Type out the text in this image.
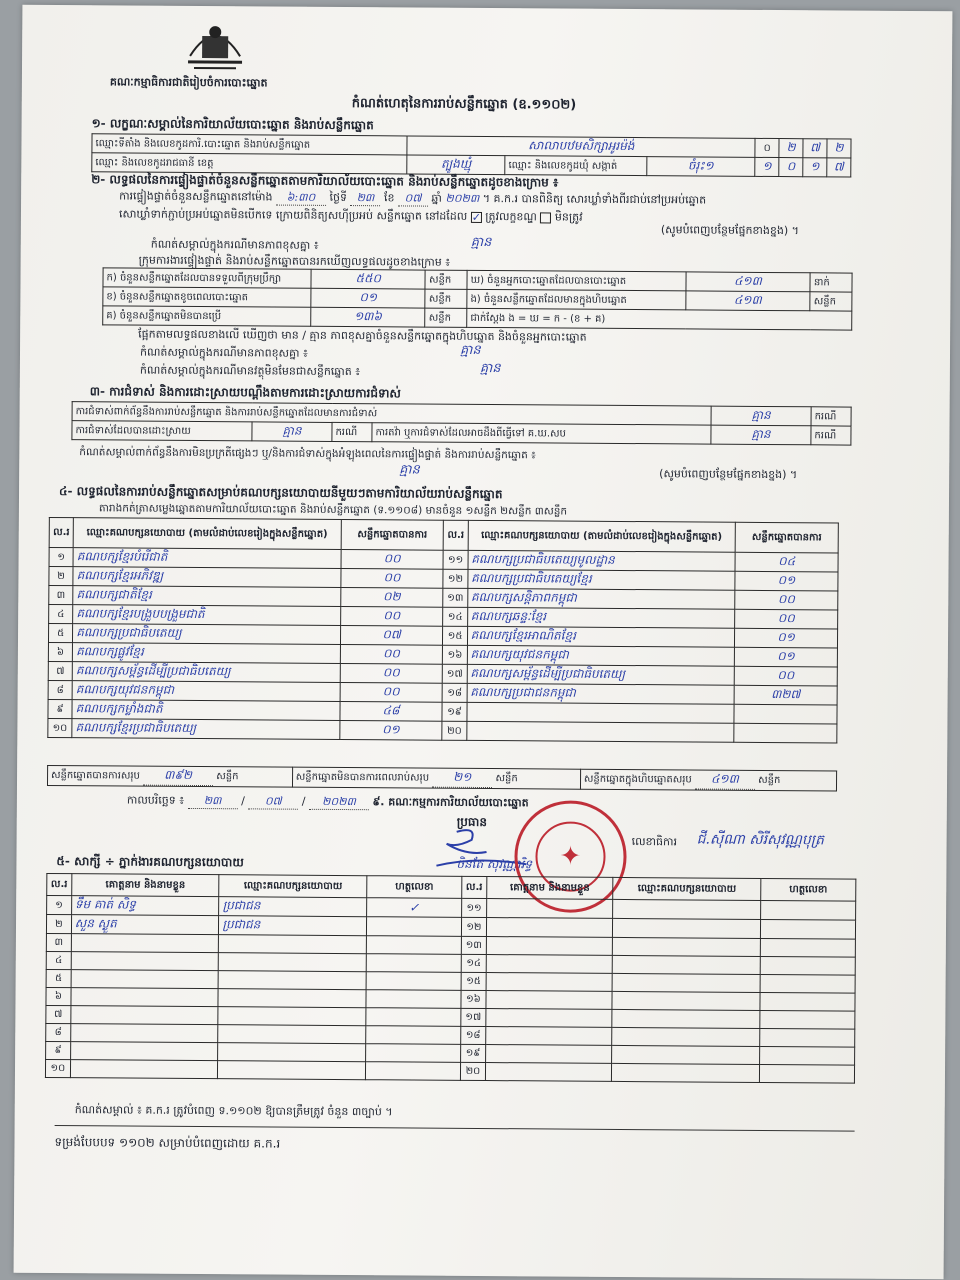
គណៈកម្មាធិការជាតិរៀបចំការបោះឆ្នោត
កំណត់ហេតុនៃការរាប់សន្លឹកឆ្នោត (ឧ.១១០២)
១- លក្ខណៈសម្គាល់នៃការិយាល័យបោះឆ្នោត និងរាប់សន្លឹកឆ្នោត
ឈ្មោះទីតាំង និងលេខកូដការិ.បោះឆ្នោត និងរាប់សន្លឹកឆ្នោត	សាលាបឋមសិក្សាអូរម៉ង់			០	២	៧	២
ឈ្មោះ និងលេខកូដរាជធានី ខេត្ត	ត្បូងឃ្មុំ	ឈ្មោះ និងលេខកូដឃុំ សង្កាត់	ចំរុះ១	១	០	១	៧
២- លទ្ធផលនៃការផ្ទៀងផ្ទាត់ចំនួនសន្លឹកឆ្នោតតាមការិយាល័យបោះឆ្នោត និងរាប់សន្លឹកឆ្នោតដូចខាងក្រោម ៖
ការផ្ទៀងផ្ទាត់ចំនួនសន្លឹកឆ្នោតនៅម៉ោង ៦:៣០ ថ្ងៃទី ២៣ ខែ ០៧ ឆ្នាំ ២០២៣ ។ គ.ក.រ បានពិនិត្យ សោរឃ្លាំទាំងពីរជាប់នៅប្រអប់ឆ្នោត
សោឃ្លាំទាក់ភ្ជាប់ប្រអប់ឆ្នោតមិនបើកទេ ក្រោយពិនិត្យសហ៊ីប្រអប់ សន្លឹកឆ្នោត នៅដដែល ✓ ត្រូវលក្ខខណ្ឌ មិនត្រូវ
(សូមបំពេញបន្ថែមផ្នែកខាងខ្នង) ។
កំណត់សម្គាល់ក្នុងករណីមានភាពខុសគ្នា ៖	គ្មាន
ក្រុមការងារផ្ទៀងផ្ទាត់ និងរាប់សន្លឹកឆ្នោតបានរកឃើញលទ្ធផលដូចខាងក្រោម ៖
ក) ចំនួនសន្លឹកឆ្នោតដែលបានទទួលពីក្រុមប្រឹក្សា	៥៥០	សន្លឹក	ឃ) ចំនួនអ្នកបោះឆ្នោតដែលបានបោះឆ្នោត	៤១៣	នាក់
ខ) ចំនួនសន្លឹកឆ្នោតខូចពេលបោះឆ្នោត	០១	សន្លឹក	ង) ចំនួនសន្លឹកឆ្នោតដែលមានក្នុងហិបឆ្នោត	៤១៣	សន្លឹក
គ) ចំនួនសន្លឹកឆ្នោតមិនបានប្រើ	១៣៦	សន្លឹក	ជាក់ស្តែង ង = ឃ = ក - (ខ + គ)		
ផ្អែកតាមលទ្ធផលខាងលើ ឃើញថា មាន / គ្មាន ភាពខុសគ្នាចំនួនសន្លឹកឆ្នោតក្នុងហិបឆ្នោត និងចំនួនអ្នកបោះឆ្នោត
កំណត់សម្គាល់ក្នុងករណីមានភាពខុសគ្នា ៖	គ្មាន
កំណត់សម្គាល់ក្នុងករណីមានវត្ថុមិនមែនជាសន្លឹកឆ្នោត ៖	គ្មាន
៣- ការជំទាស់ និងការដោះស្រាយបណ្តឹងតាមការដោះស្រាយការជំទាស់
ការជំទាស់ពាក់ព័ន្ធនឹងការរាប់សន្លឹកឆ្នោត និងការរាប់សន្លឹកឆ្នោតដែលមានការជំទាស់				គ្មាន	ករណី
ការជំទាស់ដែលបានដោះស្រាយ	គ្មាន	ករណី	ការតវ៉ា ឬការជំទាស់ដែលអាចដឹងពីធ្វើទៅ គ.ឃ.សប	គ្មាន	ករណី
កំណត់សម្គាល់ពាក់ព័ន្ធនឹងការមិនប្រក្រតីផ្សេងៗ ឬ/និងការជំទាស់ក្នុងអំឡុងពេលនៃការផ្ទៀងផ្ទាត់ និងការរាប់សន្លឹកឆ្នោត ៖
គ្មាន	(សូមបំពេញបន្ថែមផ្នែកខាងខ្នង) ។
៤- លទ្ធផលនៃការរាប់សន្លឹកឆ្នោតសម្រាប់គណបក្សនយោបាយនីមួយៗតាមការិយាល័យរាប់សន្លឹកឆ្នោត
តារាងកត់ត្រាសម្លេងឆ្នោតតាមការិយាល័យបោះឆ្នោត និងរាប់សន្លឹកឆ្នោត (ទ.១១០៨) មានចំនួន ១សន្លឹក ២សន្លឹក ៣សន្លឹក
ល.រ	ឈ្មោះគណបក្សនយោបាយ (តាមលំដាប់លេខរៀងក្នុងសន្លឹកឆ្នោត)	សន្លឹកឆ្នោតបានការ	ល.រ	ឈ្មោះគណបក្សនយោបាយ (តាមលំដាប់លេខរៀងក្នុងសន្លឹកឆ្នោត)	សន្លឹកឆ្នោតបានការ
១	គណបក្សខ្មែរបំរើជាតិ	០០	១១	គណបក្សប្រជាធិបតេយ្យមូលដ្ឋាន	០៤
២	គណបក្សខ្មែរអភិវឌ្ឍ	០០	១២	គណបក្សប្រជាធិបតេយ្យខ្មែរ	០១
៣	គណបក្សជាតិខ្មែរ	០២	១៣	គណបក្សសន្តិភាពកម្ពុជា	០០
៤	គណបក្សខ្មែរបង្រួបបង្រួមជាតិ	០០	១៤	គណបក្សឆន្ទៈខ្មែរ	០០
៥	គណបក្សប្រជាធិបតេយ្យ	០៧	១៥	គណបក្សខ្មែរអាណិតខ្មែរ	០១
៦	គណបក្សផ្លូវខ្មែរ	០០	១៦	គណបក្សយុវជនកម្ពុជា	០១
៧	គណបក្សសម្ព័ន្ធដើម្បីប្រជាធិបតេយ្យ	០០	១៧	គណបក្សសម្ព័ន្ធដើម្បីប្រជាធិបតេយ្យ	០០
៨	គណបក្សយុវជនកម្ពុជា	០០	១៨	គណបក្សប្រជាជនកម្ពុជា	៣២៧
៩	គណបក្សកម្លាំងជាតិ	៤៨	១៩		
១០	គណបក្សខ្មែរប្រជាធិបតេយ្យ	០១	២០		
សន្លឹកឆ្នោតបានការសរុប ៣៩២ សន្លឹក	សន្លឹកឆ្នោតមិនបានការពេលរាប់សរុប ២១ សន្លឹក	សន្លឹកឆ្នោតក្នុងហិបឆ្នោតសរុប ៤១៣ សន្លឹក
កាលបរិច្ឆេទ ៖ ២៣ / ០៧ / ២០២៣ ៩. គណៈកម្មការការិយាល័យបោះឆ្នោត
ប្រធាន
ចិនតែ សុវណ្ណារិទ្ធ	✦	លេខាធិការ ជី.ស៊ីណា សិរីសុវណ្ណបុត្រ
៥- សាក្សី ÷ ភ្នាក់ងារគណបក្សនយោបាយ
ល.រ	គោត្តនាម និងនាមខ្លួន	ឈ្មោះគណបក្សនយោបាយ	ហត្ថលេខា	ល.រ	គោត្តនាម និងនាមខ្លួន	ឈ្មោះគណបក្សនយោបាយ	ហត្ថលេខា
១	ទឹម គាត់ សិទ្ធ	ប្រជាជន	✓	១១			
២	សួន ស្ងួត	ប្រជាជន		១២			
៣				១៣			
៤				១៤			
៥				១៥			
៦				១៦			
៧				១៧			
៨				១៨			
៩				១៩			
១០				២០			
កំណត់សម្គាល់ ៖ គ.ក.រ ត្រូវបំពេញ ទ.១១០២ ឱ្យបានត្រឹមត្រូវ ចំនួន ៣ច្បាប់ ។
ទម្រង់បែបបទ ១១០២ សម្រាប់បំពេញដោយ គ.ក.រ
